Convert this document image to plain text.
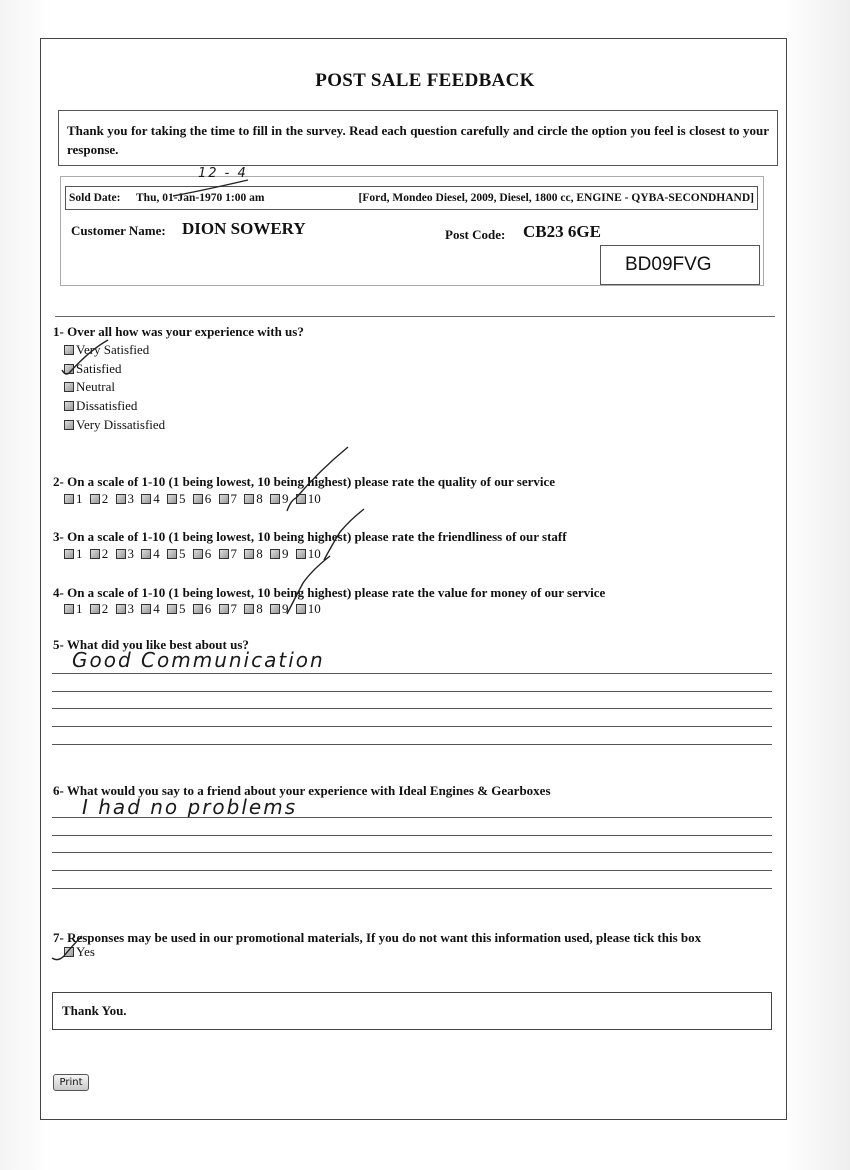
POST SALE FEEDBACK
Thank you for taking the time to fill in the survey. Read each question carefully and circle the option you feel is closest to your response.
Sold Date: Thu, 01-Jan-1970 1:00 am	[Ford, Mondeo Diesel, 2009, Diesel, 1800 cc, ENGINE - QYBA-SECONDHAND]
12 - 4
Customer Name: DION SOWERY	Post Code: CB23 6GE
BD09FVG
1- Over all how was your experience with us?
Very Satisfied
Satisfied
Neutral
Dissatisfied
Very Dissatisfied
2- On a scale of 1-10 (1 being lowest, 10 being highest) please rate the quality of our service
1 2 3 4 5 6 7 8 9 10
3- On a scale of 1-10 (1 being lowest, 10 being highest) please rate the friendliness of our staff
1 2 3 4 5 6 7 8 9 10
4- On a scale of 1-10 (1 being lowest, 10 being highest) please rate the value for money of our service
1 2 3 4 5 6 7 8 9 10
5- What did you like best about us?
Good Communication
6- What would you say to a friend about your experience with Ideal Engines & Gearboxes
I had no problems
7- Responses may be used in our promotional materials, If you do not want this information used, please tick this box
Yes
Thank You.
Print
